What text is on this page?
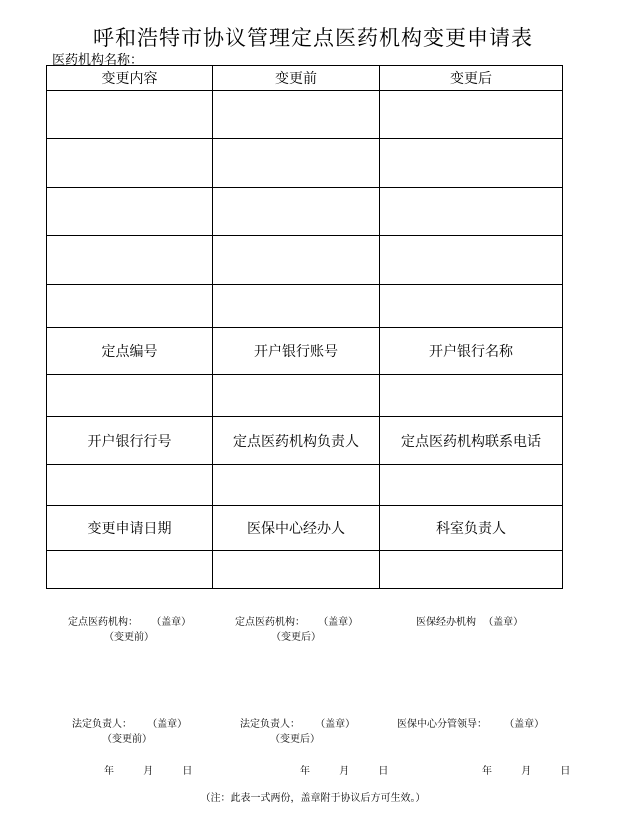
呼和浩特市协议管理定点医药机构变更申请表
医药机构名称：
变更内容	变更前	变更后

定点编号	开户银行账号	开户银行名称

开户银行行号	定点医药机构负责人	定点医药机构联系电话

变更申请日期	医保中心经办人	科室负责人

定点医药机构： （盖章）
（变更前）
定点医药机构： （盖章）
（变更后）
医保经办机构 （盖章）
法定负责人： （盖章）
（变更前）
法定负责人： （盖章）
（变更后）
医保中心分管领导： （盖章）
年	月	日	年	月	日	年	月	日
（注：此表一式两份，盖章附于协议后方可生效。）
